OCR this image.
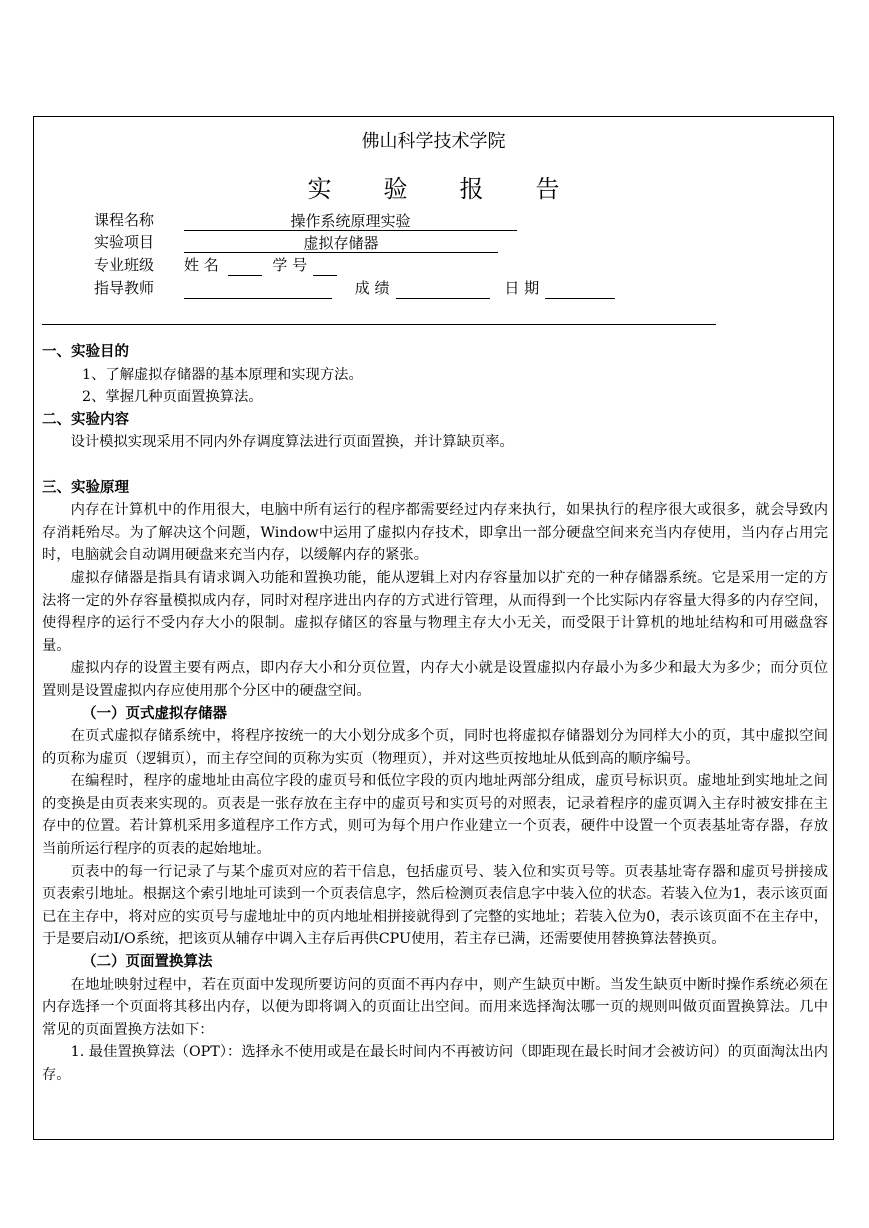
佛山科学技术学院
实 验 报 告
课程名称	操作系统原理实验
实验项目	虚拟存储器
专业班级 姓 名	学 号
指导教师	成 绩	日 期

一、实验目的

1、了解虚拟存储器的基本原理和实现方法。

2、掌握几种页面置换算法。

二、实验内容

设计模拟实现采用不同内外存调度算法进行页面置换，并计算缺页率。

三、实验原理

内存在计算机中的作用很大，电脑中所有运行的程序都需要经过内存来执行，如果执行的程序很大或很多，就会导致内存消耗殆尽。为了解决这个问题，Window中运用了虚拟内存技术，即拿出一部分硬盘空间来充当内存使用，当内存占用完时，电脑就会自动调用硬盘来充当内存，以缓解内存的紧张。

虚拟存储器是指具有请求调入功能和置换功能，能从逻辑上对内存容量加以扩充的一种存储器系统。它是采用一定的方法将一定的外存容量模拟成内存，同时对程序进出内存的方式进行管理，从而得到一个比实际内存容量大得多的内存空间，使得程序的运行不受内存大小的限制。虚拟存储区的容量与物理主存大小无关，而受限于计算机的地址结构和可用磁盘容量。

虚拟内存的设置主要有两点，即内存大小和分页位置，内存大小就是设置虚拟内存最小为多少和最大为多少；而分页位置则是设置虚拟内存应使用那个分区中的硬盘空间。

（一）页式虚拟存储器

在页式虚拟存储系统中，将程序按统一的大小划分成多个页，同时也将虚拟存储器划分为同样大小的页，其中虚拟空间的页称为虚页（逻辑页），而主存空间的页称为实页（物理页），并对这些页按地址从低到高的顺序编号。

在编程时，程序的虚地址由高位字段的虚页号和低位字段的页内地址两部分组成，虚页号标识页。虚地址到实地址之间的变换是由页表来实现的。页表是一张存放在主存中的虚页号和实页号的对照表，记录着程序的虚页调入主存时被安排在主存中的位置。若计算机采用多道程序工作方式，则可为每个用户作业建立一个页表，硬件中设置一个页表基址寄存器，存放当前所运行程序的页表的起始地址。

页表中的每一行记录了与某个虚页对应的若干信息，包括虚页号、装入位和实页号等。页表基址寄存器和虚页号拼接成页表索引地址。根据这个索引地址可读到一个页表信息字，然后检测页表信息字中装入位的状态。若装入位为1，表示该页面已在主存中，将对应的实页号与虚地址中的页内地址相拼接就得到了完整的实地址；若装入位为0，表示该页面不在主存中，于是要启动I/O系统，把该页从辅存中调入主存后再供CPU使用，若主存已满，还需要使用替换算法替换页。

（二）页面置换算法

在地址映射过程中，若在页面中发现所要访问的页面不再内存中，则产生缺页中断。当发生缺页中断时操作系统必须在内存选择一个页面将其移出内存，以便为即将调入的页面让出空间。而用来选择淘汰哪一页的规则叫做页面置换算法。几中常见的页面置换方法如下：

1. 最佳置换算法（OPT）：选择永不使用或是在最长时间内不再被访问（即距现在最长时间才会被访问）的页面淘汰出内存。
